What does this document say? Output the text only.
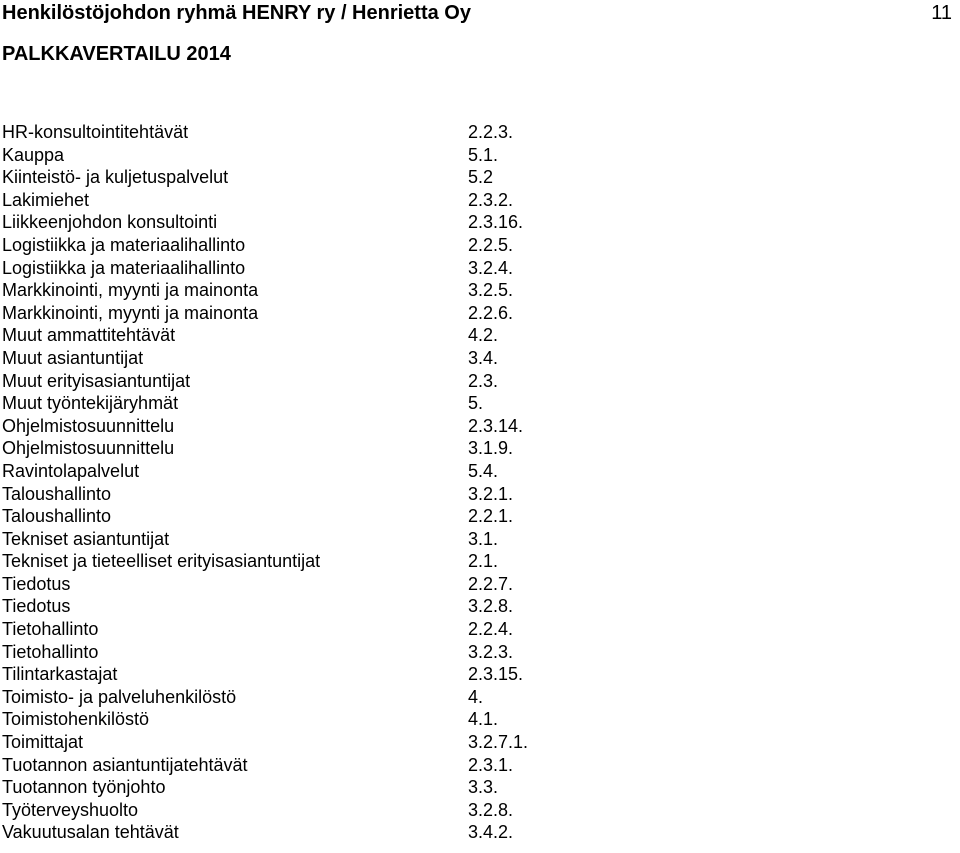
Henkilöstöjohdon ryhmä HENRY ry / Henrietta Oy	11
PALKKAVERTAILU 2014
HR-konsultointitehtävät	2.2.3.
Kauppa	5.1.
Kiinteistö- ja kuljetuspalvelut	5.2
Lakimiehet	2.3.2.
Liikkeenjohdon konsultointi	2.3.16.
Logistiikka ja materiaalihallinto	2.2.5.
Logistiikka ja materiaalihallinto	3.2.4.
Markkinointi, myynti ja mainonta	3.2.5.
Markkinointi, myynti ja mainonta	2.2.6.
Muut ammattitehtävät	4.2.
Muut asiantuntijat	3.4.
Muut erityisasiantuntijat	2.3.
Muut työntekijäryhmät	5.
Ohjelmistosuunnittelu	2.3.14.
Ohjelmistosuunnittelu	3.1.9.
Ravintolapalvelut	5.4.
Taloushallinto	3.2.1.
Taloushallinto	2.2.1.
Tekniset asiantuntijat	3.1.
Tekniset ja tieteelliset erityisasiantuntijat	2.1.
Tiedotus	2.2.7.
Tiedotus	3.2.8.
Tietohallinto	2.2.4.
Tietohallinto	3.2.3.
Tilintarkastajat	2.3.15.
Toimisto- ja palveluhenkilöstö	4.
Toimistohenkilöstö	4.1.
Toimittajat	3.2.7.1.
Tuotannon asiantuntijatehtävät	2.3.1.
Tuotannon työnjohto	3.3.
Työterveyshuolto	3.2.8.
Vakuutusalan tehtävät	3.4.2.
